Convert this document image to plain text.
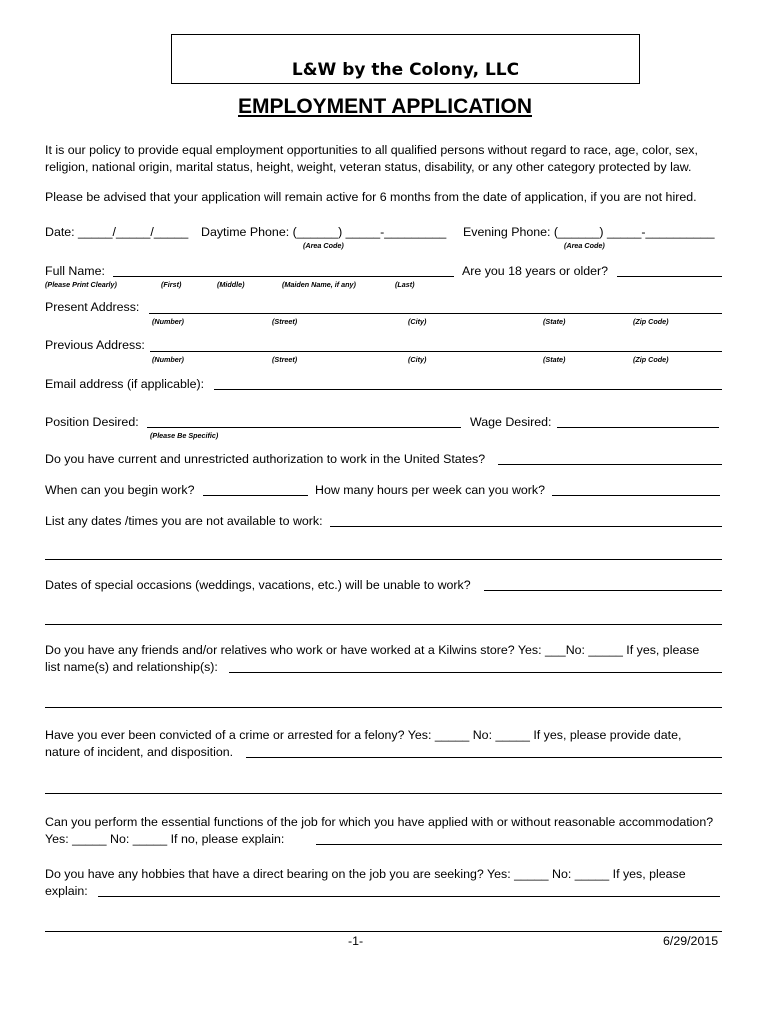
L&W by the Colony, LLC
EMPLOYMENT APPLICATION
It is our policy to provide equal employment opportunities to all qualified persons without regard to race, age, color, sex,
religion, national origin, marital status, height, weight, veteran status, disability, or any other category protected by law.
Please be advised that your application will remain active for 6 months from the date of application, if you are not hired.
Date: _____/_____/_____ Daytime Phone: (______) _____-_________ Evening Phone: (______) _____-__________
(Area Code)	(Area Code)
Full Name:	Are you 18 years or older?
(Please Print Clearly)	(First)	(Middle)	(Maiden Name, if any)	(Last)
Present Address:
(Number)	(Street)	(City)	(State)	(Zip Code)
Previous Address:
(Number)	(Street)	(City)	(State)	(Zip Code)
Email address (if applicable):
Position Desired:	Wage Desired:
(Please Be Specific)
Do you have current and unrestricted authorization to work in the United States?
When can you begin work?	How many hours per week can you work?
List any dates /times you are not available to work:
Dates of special occasions (weddings, vacations, etc.) will be unable to work?
Do you have any friends and/or relatives who work or have worked at a Kilwins store? Yes: ___No: _____ If yes, please
list name(s) and relationship(s):
Have you ever been convicted of a crime or arrested for a felony? Yes: _____ No: _____ If yes, please provide date,
nature of incident, and disposition.
Can you perform the essential functions of the job for which you have applied with or without reasonable accommodation?
Yes: _____ No: _____ If no, please explain:
Do you have any hobbies that have a direct bearing on the job you are seeking? Yes: _____ No: _____ If yes, please
explain:
-1-	6/29/2015
